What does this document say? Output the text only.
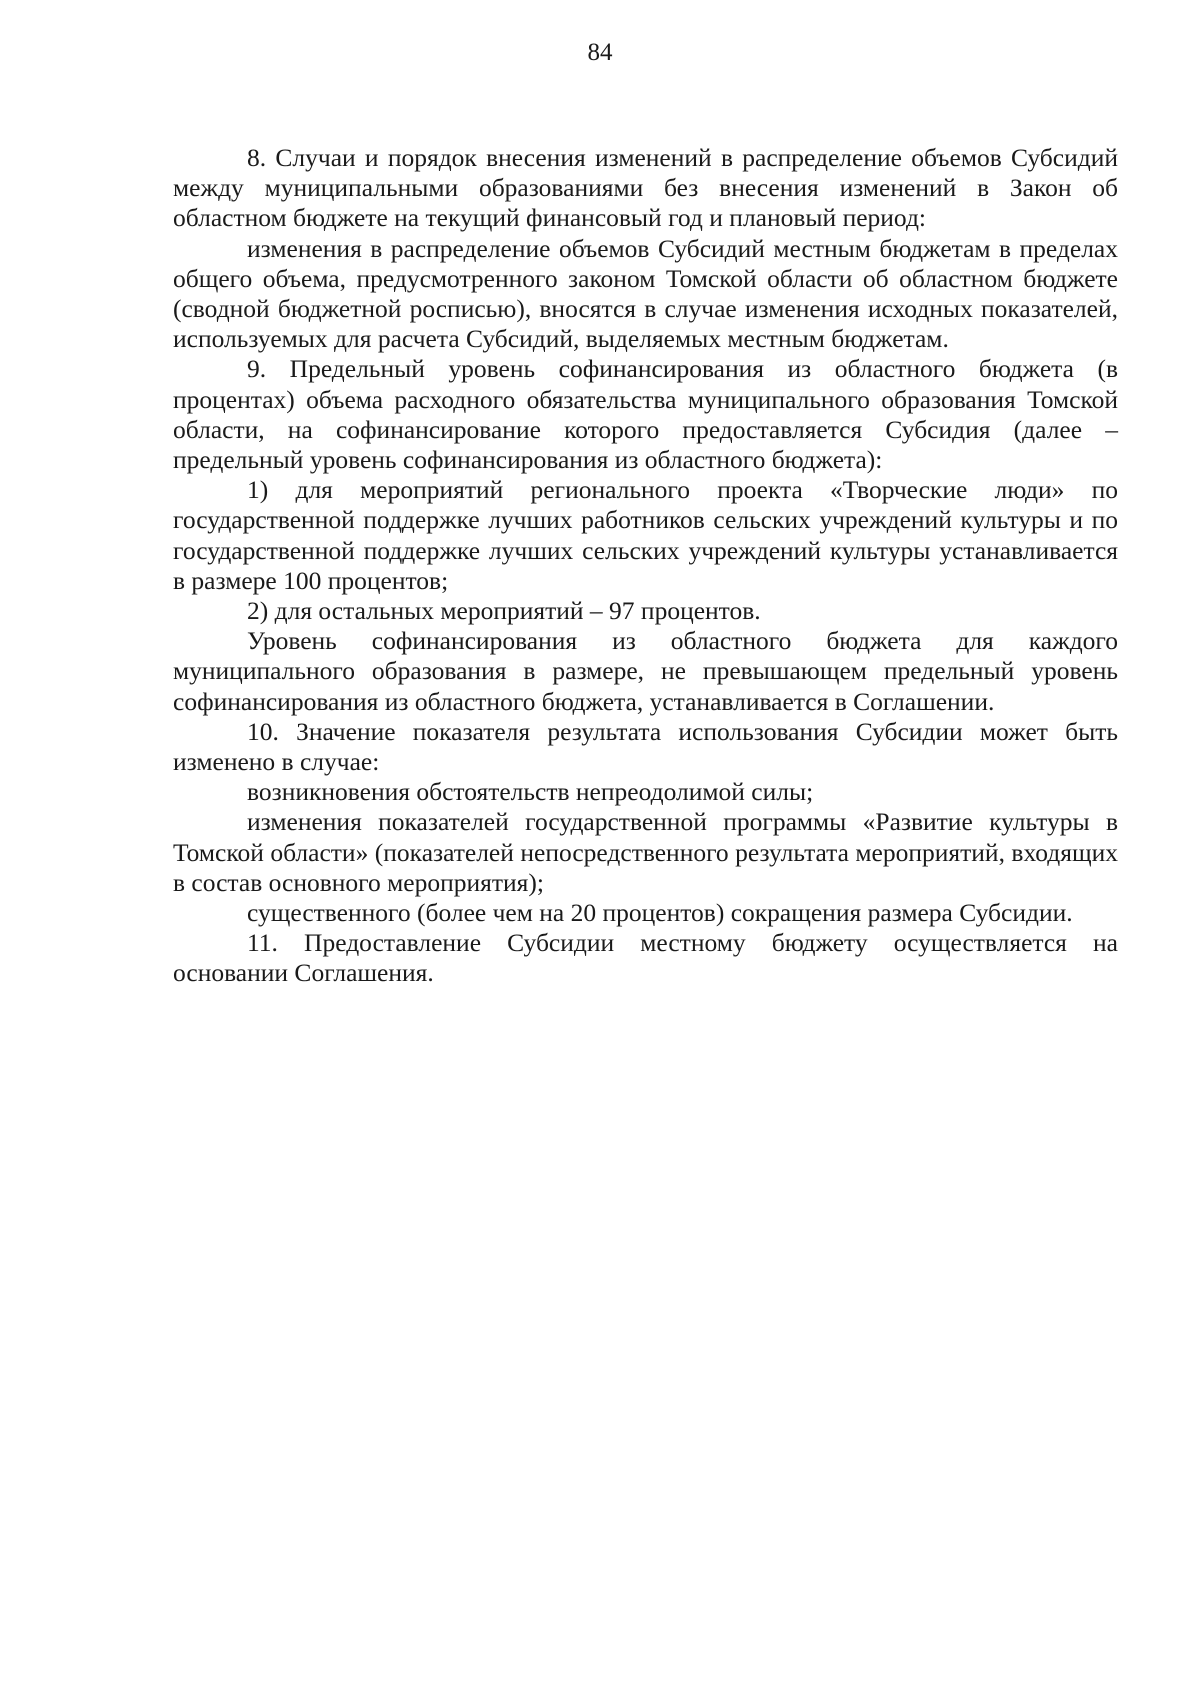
84

8. Случаи и порядок внесения изменений в распределение объемов Субсидий между муниципальными образованиями без внесения изменений в Закон об областном бюджете на текущий финансовый год и плановый период:

изменения в распределение объемов Субсидий местным бюджетам в пределах общего объема, предусмотренного законом Томской области об областном бюджете (сводной бюджетной росписью), вносятся в случае изменения исходных показателей, используемых для расчета Субсидий, выделяемых местным бюджетам.

9. Предельный уровень софинансирования из областного бюджета (в процентах) объема расходного обязательства муниципального образования Томской области, на софинансирование которого предоставляется Субсидия (далее – предельный уровень софинансирования из областного бюджета):

1) для мероприятий регионального проекта «Творческие люди» по государственной поддержке лучших работников сельских учреждений культуры и по государственной поддержке лучших сельских учреждений культуры устанавливается в размере 100 процентов;

2) для остальных мероприятий – 97 процентов.

Уровень софинансирования из областного бюджета для каждого муниципального образования в размере, не превышающем предельный уровень софинансирования из областного бюджета, устанавливается в Соглашении.

10. Значение показателя результата использования Субсидии может быть изменено в случае:

возникновения обстоятельств непреодолимой силы;

изменения показателей государственной программы «Развитие культуры в Томской области» (показателей непосредственного результата мероприятий, входящих в состав основного мероприятия);

существенного (более чем на 20 процентов) сокращения размера Субсидии.

11. Предоставление Субсидии местному бюджету осуществляется на основании Соглашения.
